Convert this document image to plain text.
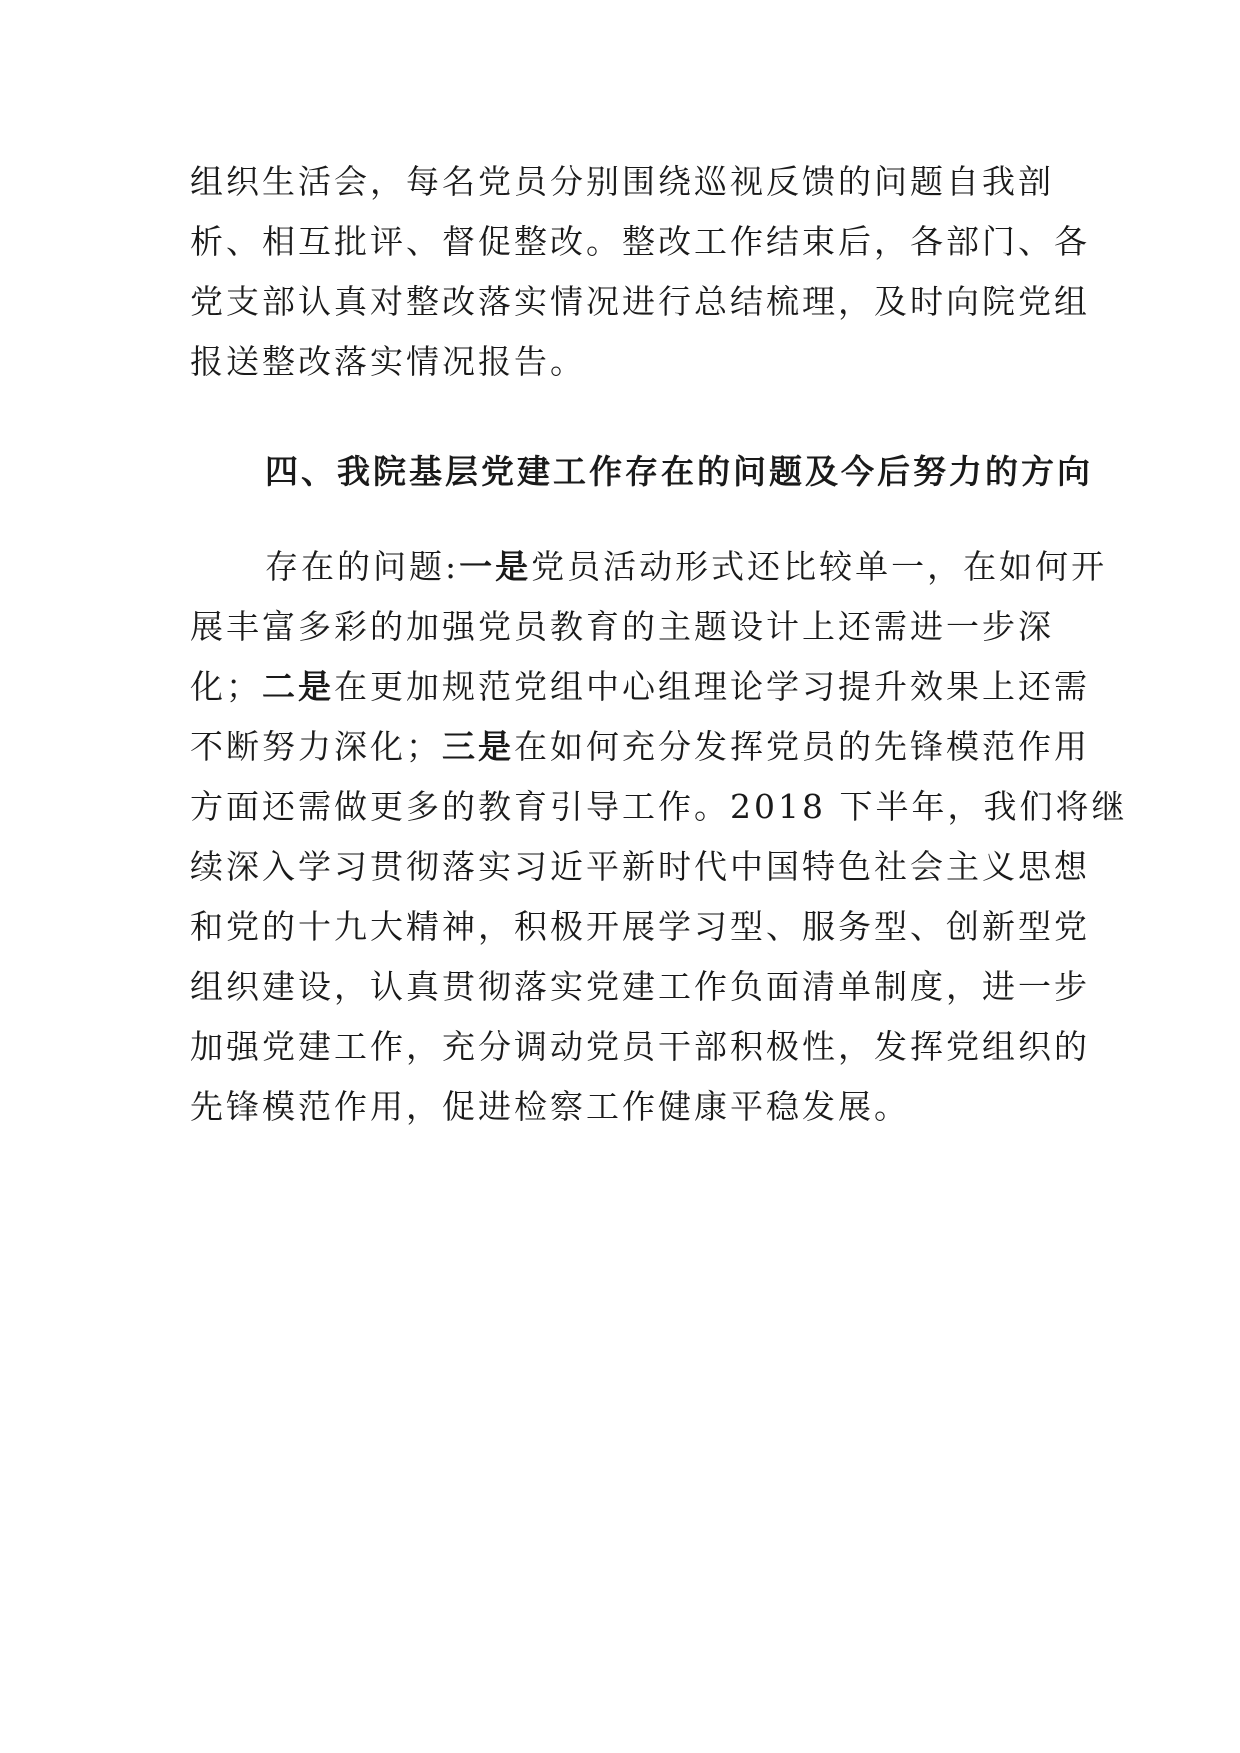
组织生活会，每名党员分别围绕巡视反馈的问题自我剖
析、相互批评、督促整改。整改工作结束后，各部门、各
党支部认真对整改落实情况进行总结梳理，及时向院党组
报送整改落实情况报告。
四、我院基层党建工作存在的问题及今后努力的方向
存在的问题:一是党员活动形式还比较单一，在如何开
展丰富多彩的加强党员教育的主题设计上还需进一步深
化；二是在更加规范党组中心组理论学习提升效果上还需
不断努力深化；三是在如何充分发挥党员的先锋模范作用
方面还需做更多的教育引导工作。2018 下半年，我们将继
续深入学习贯彻落实习近平新时代中国特色社会主义思想
和党的十九大精神，积极开展学习型、服务型、创新型党
组织建设，认真贯彻落实党建工作负面清单制度，进一步
加强党建工作，充分调动党员干部积极性，发挥党组织的
先锋模范作用，促进检察工作健康平稳发展。
